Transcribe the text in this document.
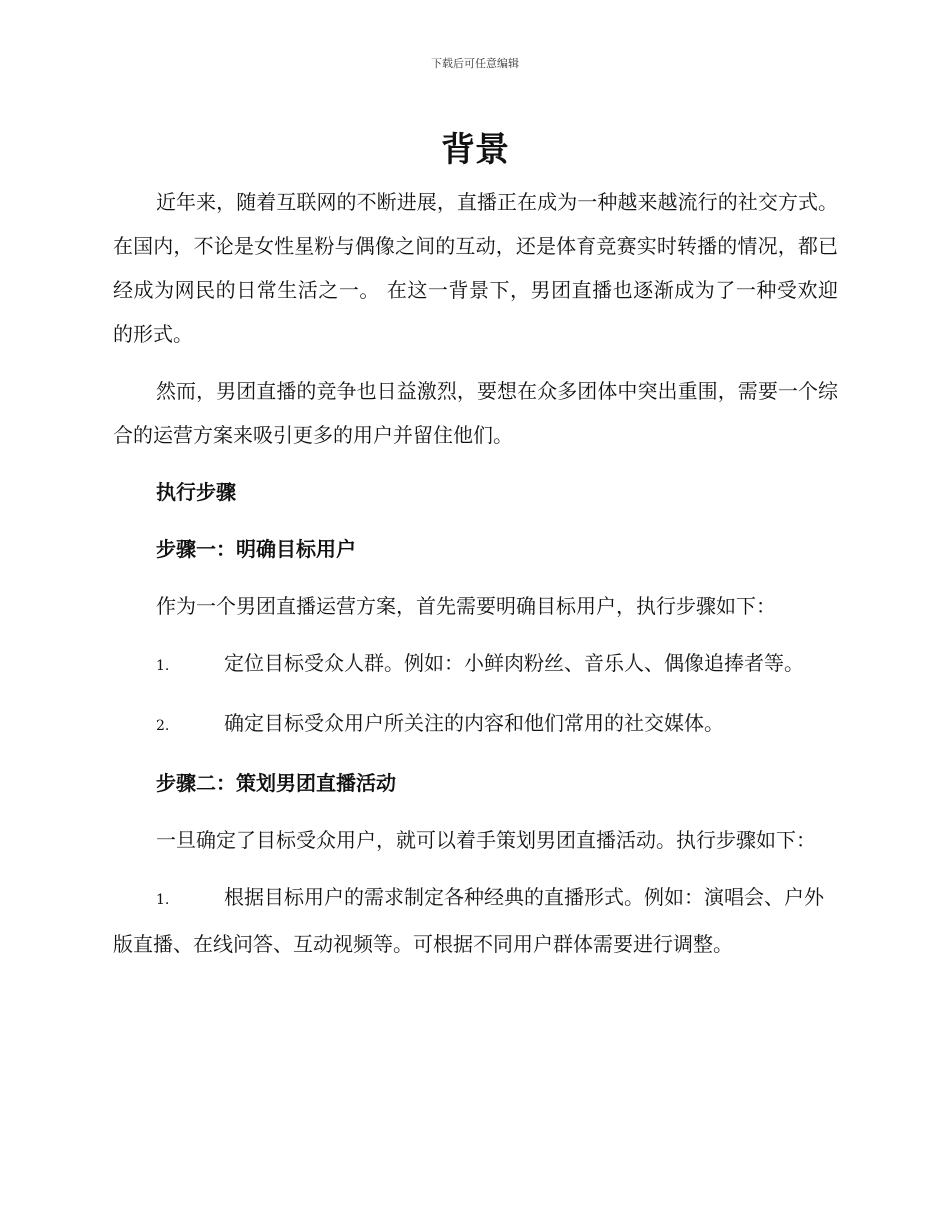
下载后可任意编辑
背景

近年来，随着互联网的不断进展，直播正在成为一种越来越流行的社交方式。在国内，不论是女性星粉与偶像之间的互动，还是体育竞赛实时转播的情况，都已经成为网民的日常生活之一。 在这一背景下，男团直播也逐渐成为了一种受欢迎的形式。

然而，男团直播的竞争也日益激烈，要想在众多团体中突出重围，需要一个综合的运营方案来吸引更多的用户并留住他们。

执行步骤

步骤一：明确目标用户

作为一个男团直播运营方案，首先需要明确目标用户，执行步骤如下：

1.	定位目标受众人群。例如：小鲜肉粉丝、音乐人、偶像追捧者等。

2.	确定目标受众用户所关注的内容和他们常用的社交媒体。

步骤二：策划男团直播活动

一旦确定了目标受众用户，就可以着手策划男团直播活动。执行步骤如下：

1.	根据目标用户的需求制定各种经典的直播形式。例如：演唱会、户外版直播、在线问答、互动视频等。可根据不同用户群体需要进行调整。
